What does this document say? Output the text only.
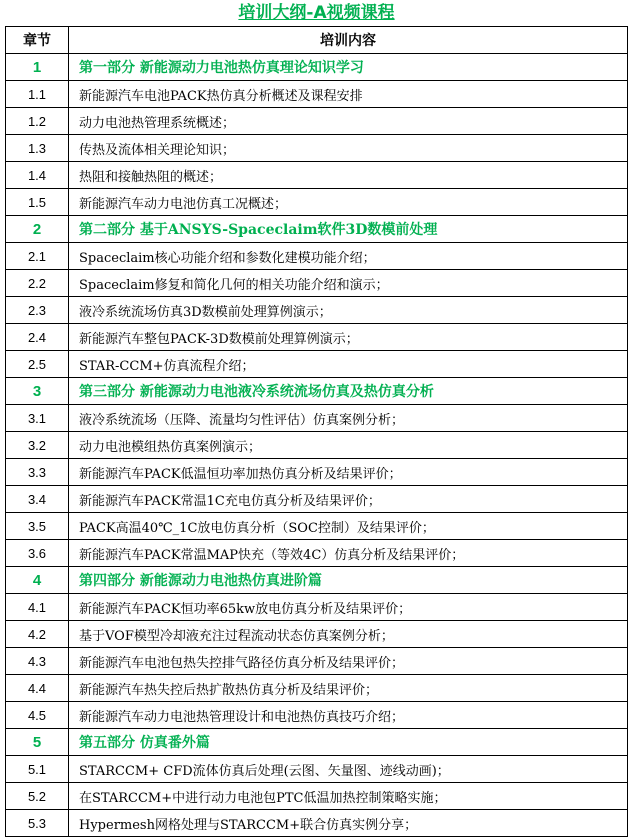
培训大纲-A视频课程
章节	培训内容
1	第一部分 新能源动力电池热仿真理论知识学习
1.1	新能源汽车电池PACK热仿真分析概述及课程安排
1.2	动力电池热管理系统概述；
1.3	传热及流体相关理论知识；
1.4	热阻和接触热阻的概述；
1.5	新能源汽车动力电池仿真工况概述；
2	第二部分 基于ANSYS-Spaceclaim软件3D数模前处理
2.1	Spaceclaim核心功能介绍和参数化建模功能介绍；
2.2	Spaceclaim修复和简化几何的相关功能介绍和演示；
2.3	液冷系统流场仿真3D数模前处理算例演示；
2.4	新能源汽车整包PACK-3D数模前处理算例演示；
2.5	STAR-CCM+仿真流程介绍；
3	第三部分 新能源动力电池液冷系统流场仿真及热仿真分析
3.1	液冷系统流场（压降、流量均匀性评估）仿真案例分析；
3.2	动力电池模组热仿真案例演示；
3.3	新能源汽车PACK低温恒功率加热仿真分析及结果评价；
3.4	新能源汽车PACK常温1C充电仿真分析及结果评价；
3.5	PACK高温40℃_1C放电仿真分析（SOC控制）及结果评价；
3.6	新能源汽车PACK常温MAP快充（等效4C）仿真分析及结果评价；
4	第四部分 新能源动力电池热仿真进阶篇
4.1	新能源汽车PACK恒功率65kw放电仿真分析及结果评价；
4.2	基于VOF模型冷却液充注过程流动状态仿真案例分析；
4.3	新能源汽车电池包热失控排气路径仿真分析及结果评价；
4.4	新能源汽车热失控后热扩散热仿真分析及结果评价；
4.5	新能源汽车动力电池热管理设计和电池热仿真技巧介绍；
5	第五部分 仿真番外篇
5.1	STARCCM+ CFD流体仿真后处理(云图、矢量图、迹线动画)；
5.2	在STARCCM+中进行动力电池包PTC低温加热控制策略实施；
5.3	Hypermesh网格处理与STARCCM+联合仿真实例分享；
